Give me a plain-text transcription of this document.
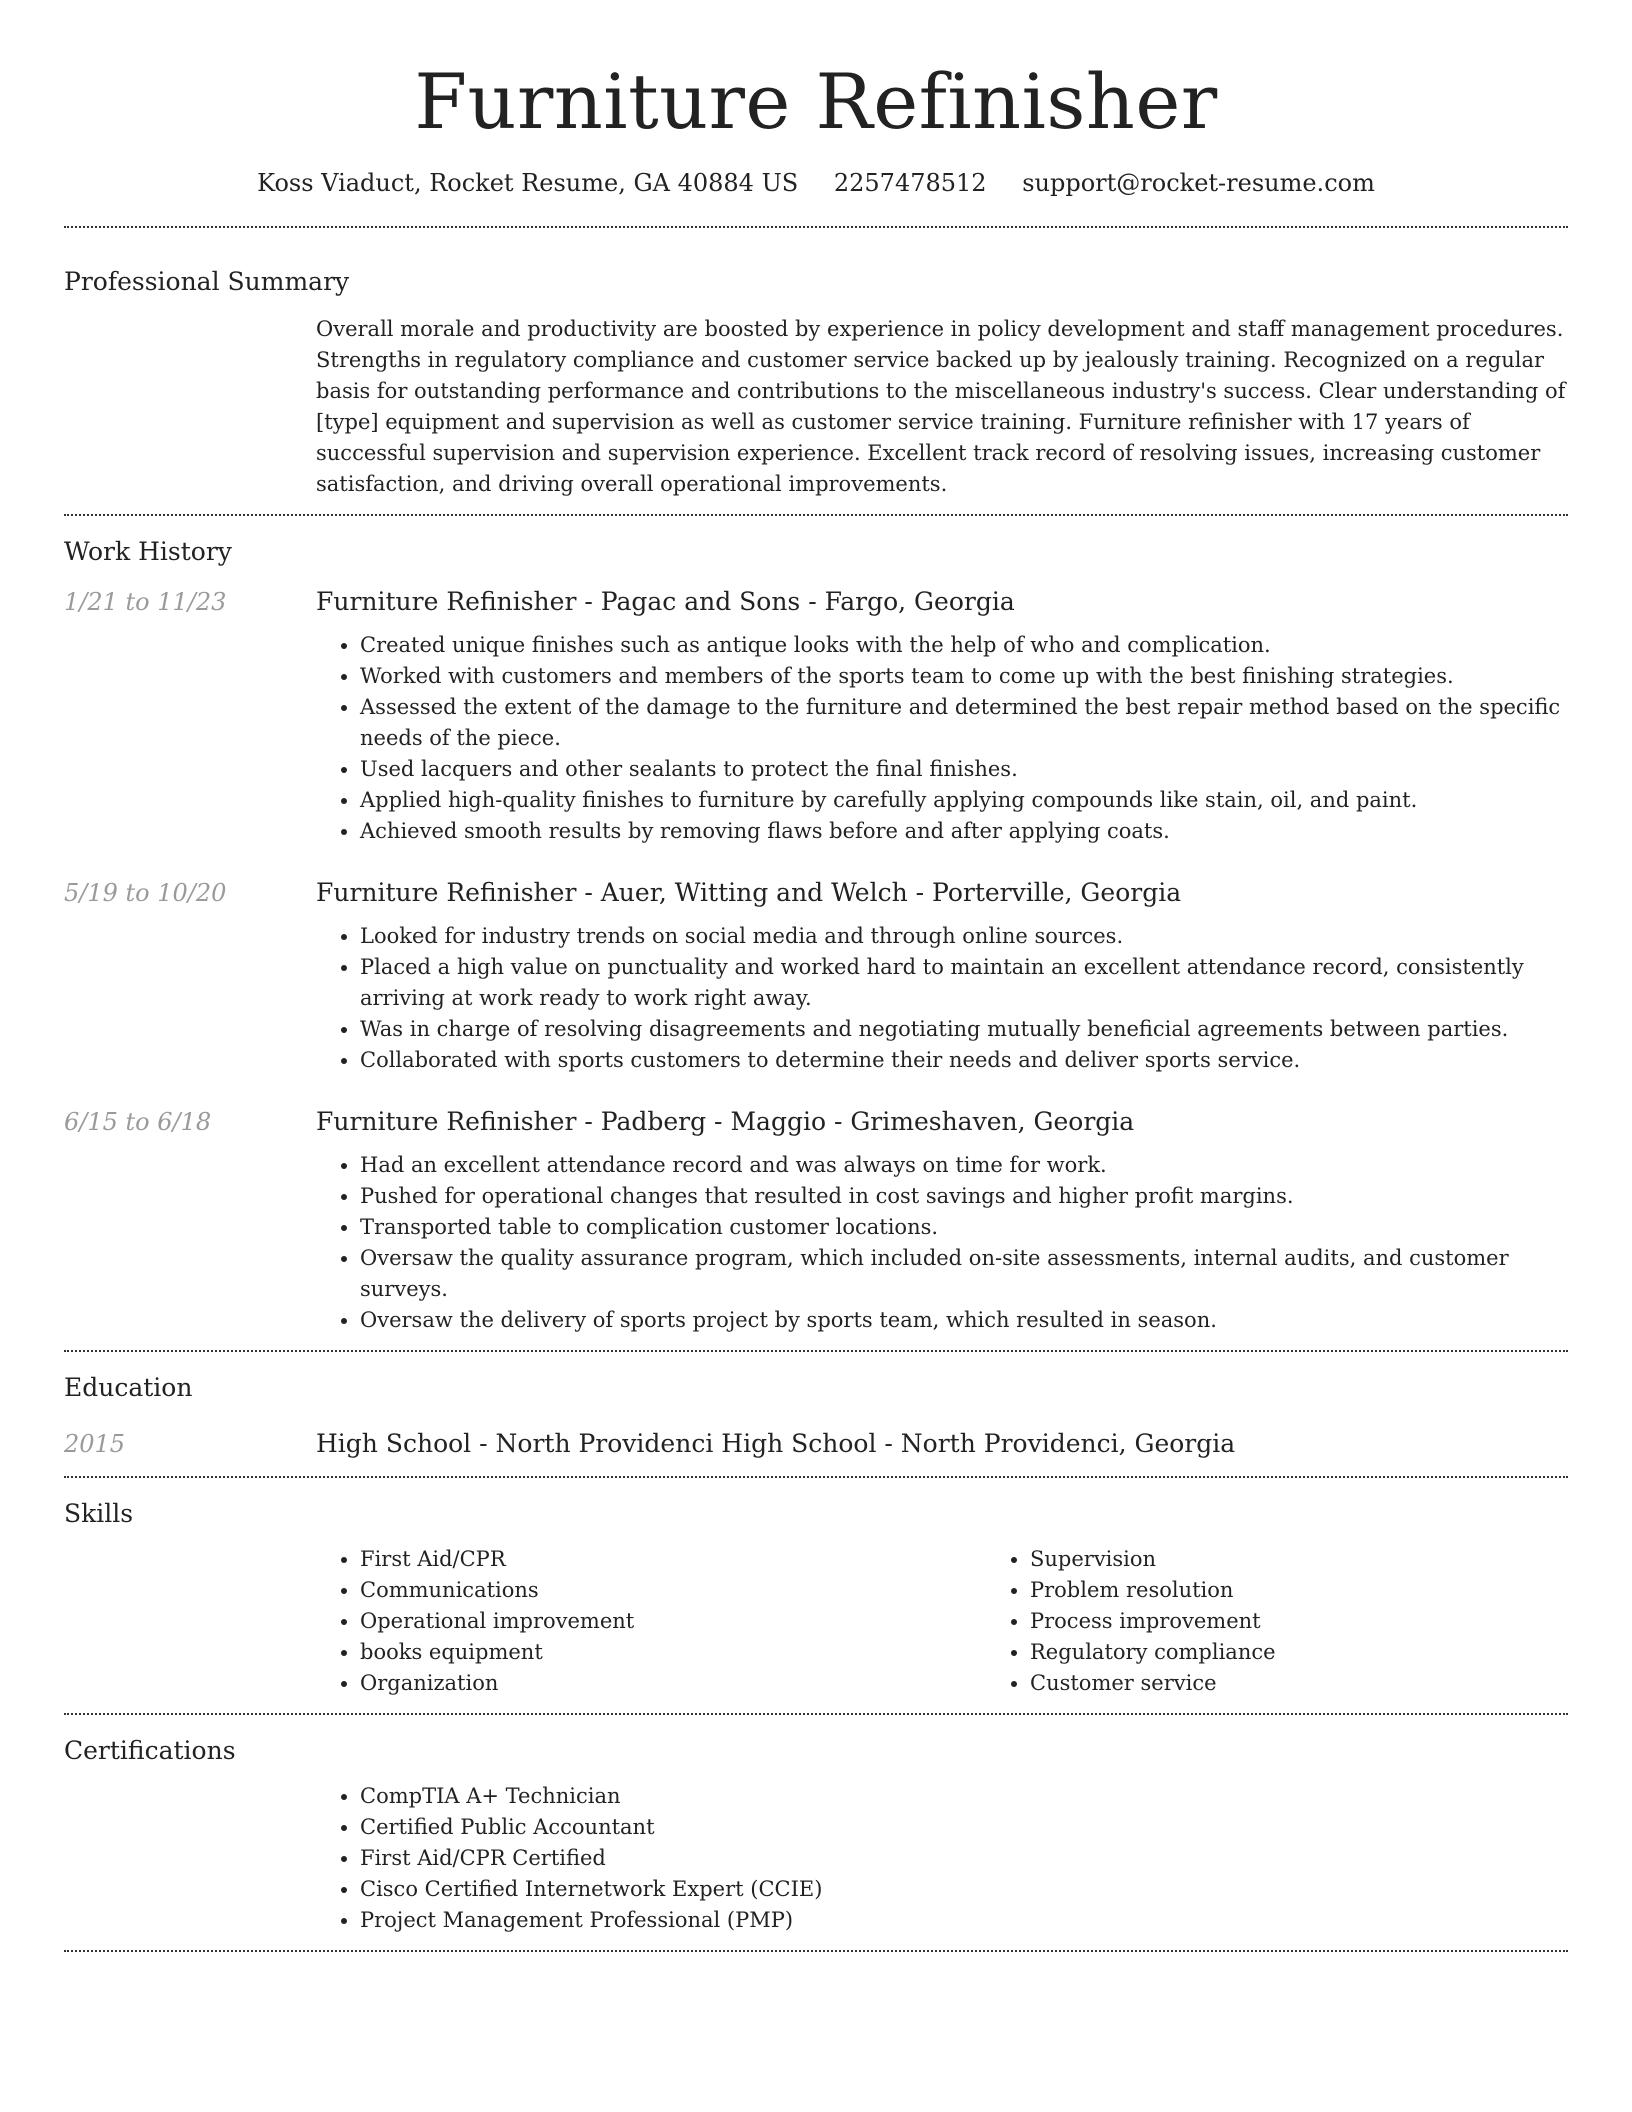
Furniture Refinisher
Koss Viaduct, Rocket Resume, GA 40884 US 2257478512 support@rocket-resume.com
Professional Summary

Overall morale and productivity are boosted by experience in policy development and staff management procedures. Strengths in regulatory compliance and customer service backed up by jealously training. Recognized on a regular basis for outstanding performance and contributions to the miscellaneous industry's success. Clear understanding of [type] equipment and supervision as well as customer service training. Furniture refinisher with 17 years of successful supervision and supervision experience. Excellent track record of resolving issues, increasing customer satisfaction, and driving overall operational improvements.

Work History
1/21 to 11/23	Furniture Refinisher - Pagac and Sons - Fargo, Georgia
• Created unique finishes such as antique looks with the help of who and complication.
• Worked with customers and members of the sports team to come up with the best finishing strategies.
• Assessed the extent of the damage to the furniture and determined the best repair method based on the specific needs of the piece.
• Used lacquers and other sealants to protect the final finishes.
• Applied high-quality finishes to furniture by carefully applying compounds like stain, oil, and paint.
• Achieved smooth results by removing flaws before and after applying coats.
5/19 to 10/20	Furniture Refinisher - Auer, Witting and Welch - Porterville, Georgia
• Looked for industry trends on social media and through online sources.
• Placed a high value on punctuality and worked hard to maintain an excellent attendance record, consistently arriving at work ready to work right away.
• Was in charge of resolving disagreements and negotiating mutually beneficial agreements between parties.
• Collaborated with sports customers to determine their needs and deliver sports service.
6/15 to 6/18	Furniture Refinisher - Padberg - Maggio - Grimeshaven, Georgia
• Had an excellent attendance record and was always on time for work.
• Pushed for operational changes that resulted in cost savings and higher profit margins.
• Transported table to complication customer locations.
• Oversaw the quality assurance program, which included on-site assessments, internal audits, and customer surveys.
• Oversaw the delivery of sports project by sports team, which resulted in season.
Education
2015	High School - North Providenci High School - North Providenci, Georgia
Skills
• First Aid/CPR
• Communications
• Operational improvement
• books equipment
• Organization
• Supervision
• Problem resolution
• Process improvement
• Regulatory compliance
• Customer service
Certifications
• CompTIA A+ Technician
• Certified Public Accountant
• First Aid/CPR Certified
• Cisco Certified Internetwork Expert (CCIE)
• Project Management Professional (PMP)
